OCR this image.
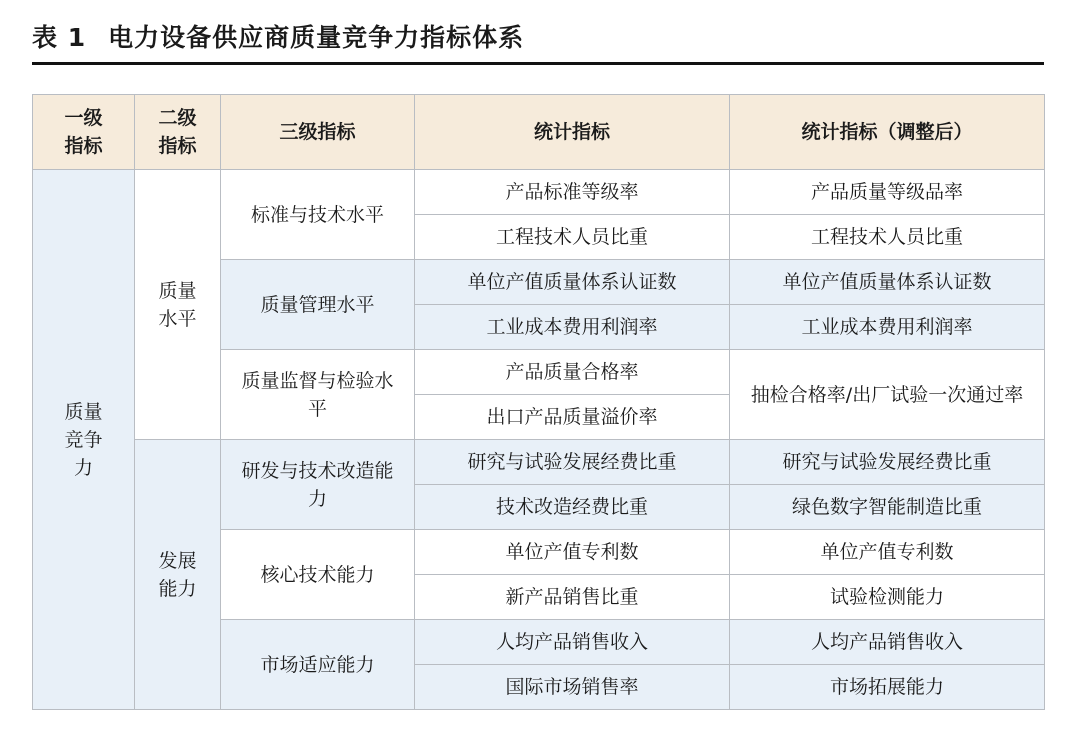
表 1 电力设备供应商质量竞争力指标体系
一级指标	二级指标	三级指标	统计指标	统计指标（调整后）

质量竞争力	质量水平	标准与技术水平	产品标准等级率	产品质量等级品率
			工程技术人员比重	工程技术人员比重
		质量管理水平	单位产值质量体系认证数	单位产值质量体系认证数
			工业成本费用利润率	工业成本费用利润率

		质量监督与检验水平	产品质量合格率	抽检合格率/出厂试验一次通过率

			出口产品质量溢价率	

	发展能力	研发与技术改造能力	研究与试验发展经费比重	研究与试验发展经费比重
			技术改造经费比重	绿色数字智能制造比重
		核心技术能力	单位产值专利数	单位产值专利数
			新产品销售比重	试验检测能力
		市场适应能力	人均产品销售收入	人均产品销售收入
			国际市场销售率	市场拓展能力
